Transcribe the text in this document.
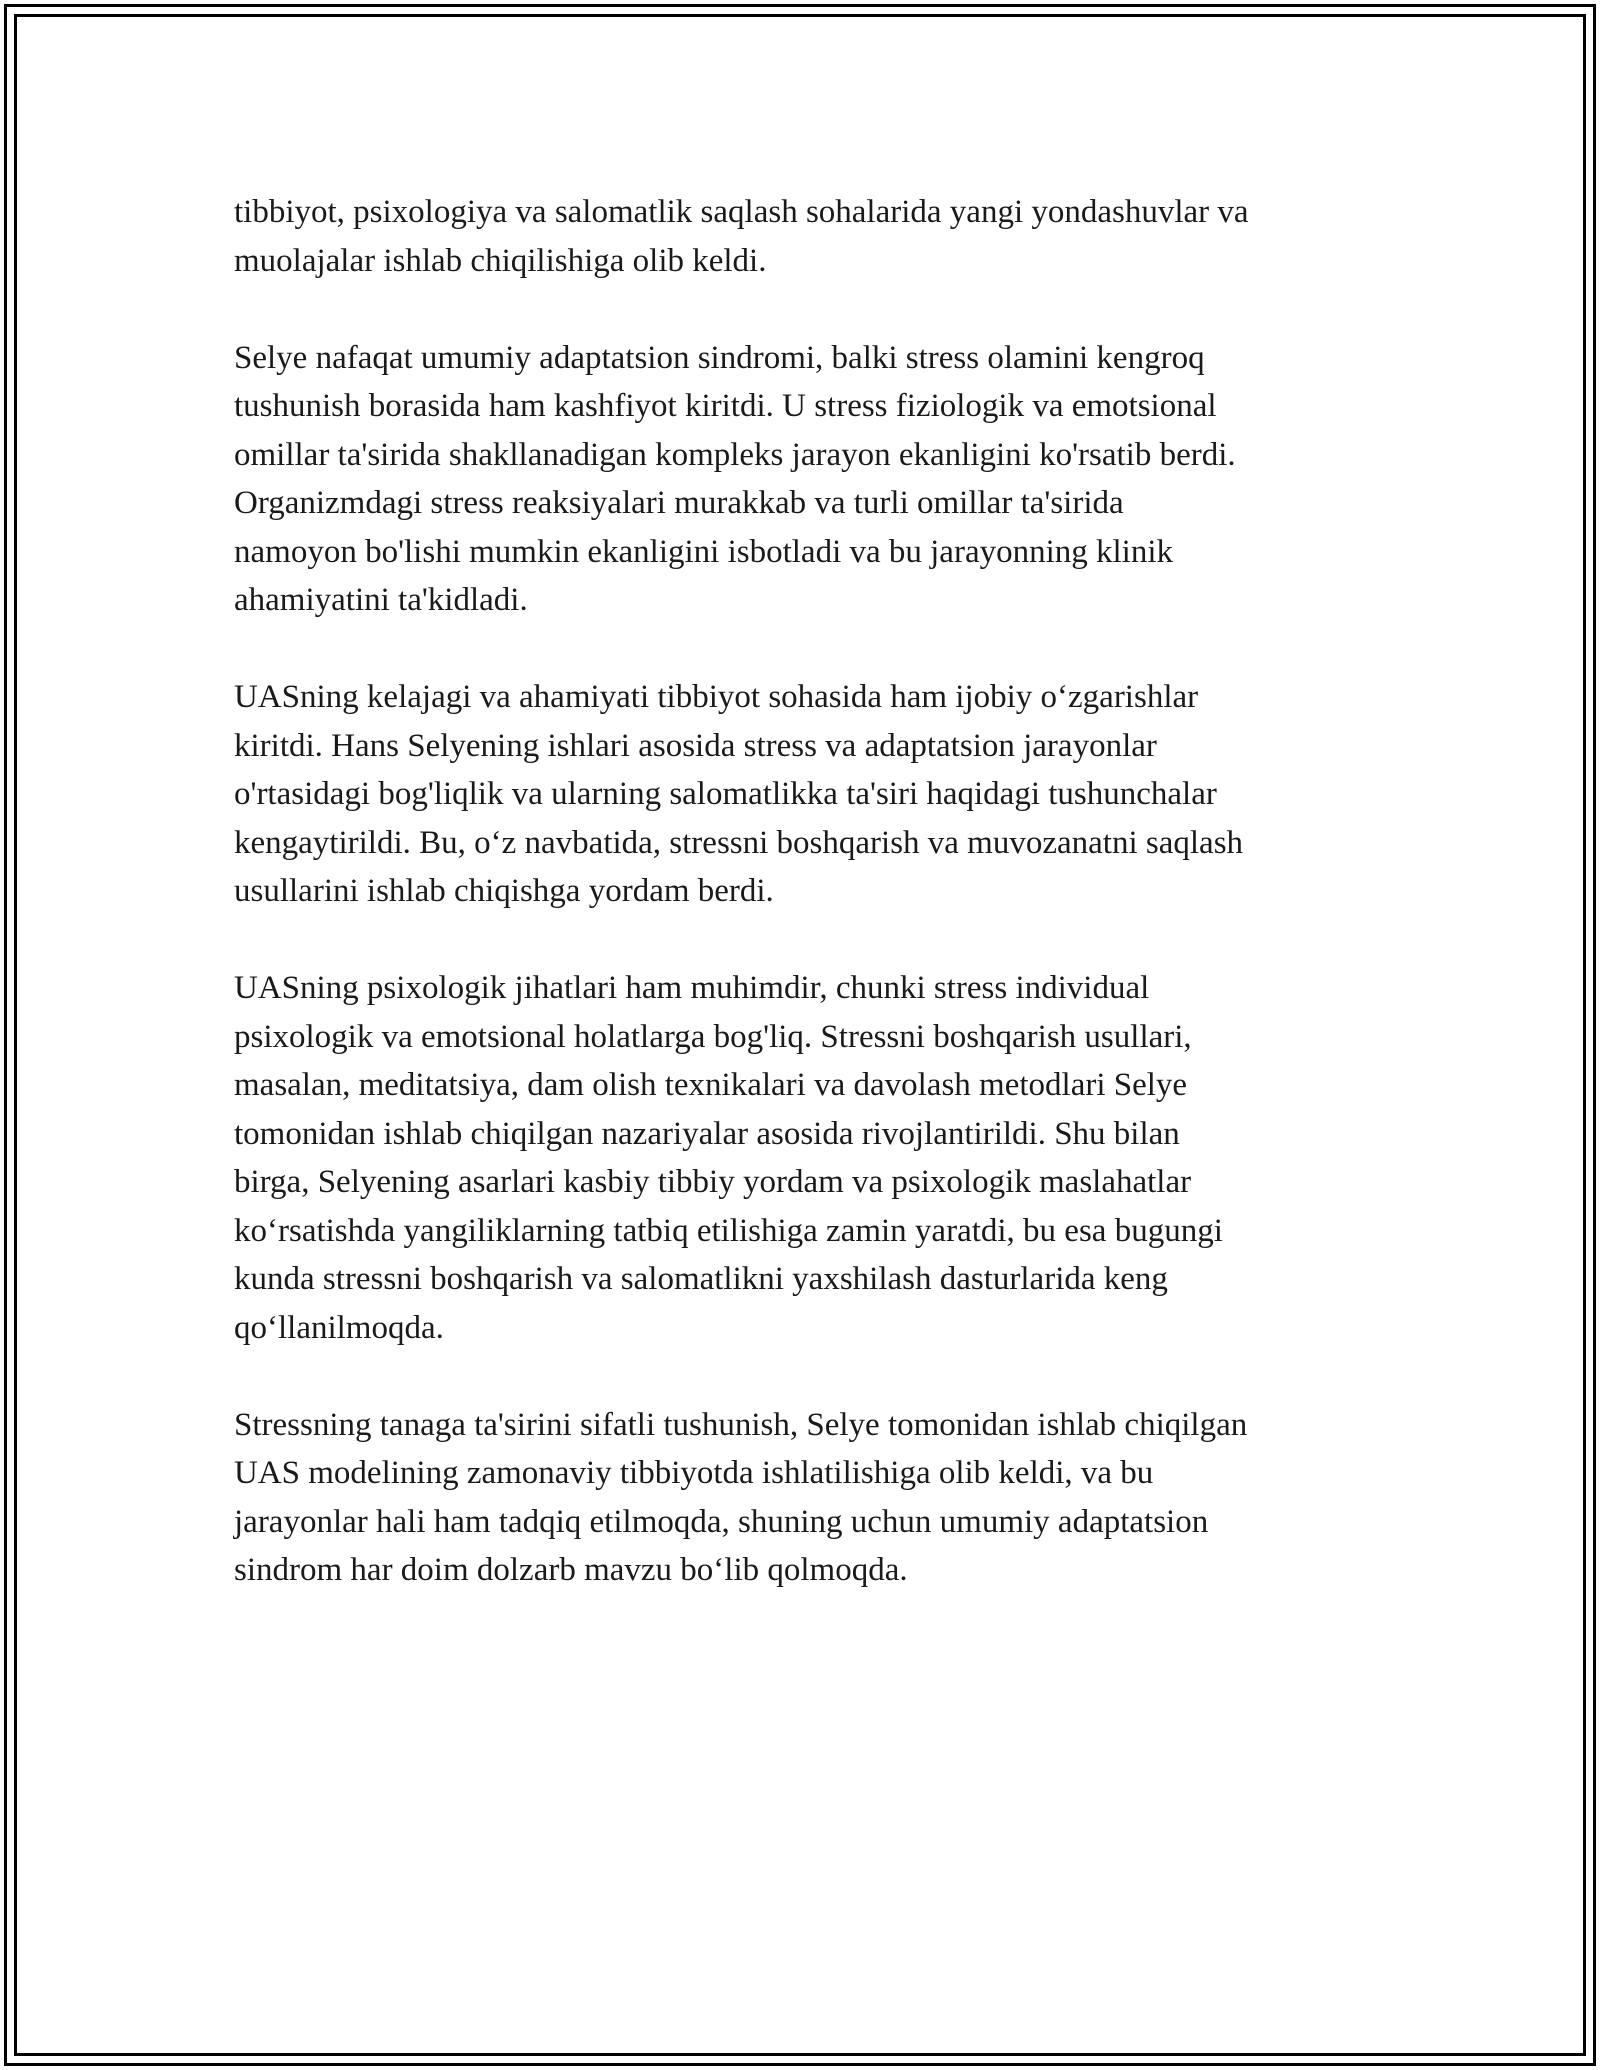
tibbiyot, psixologiya va salomatlik saqlash sohalarida yangi yondashuvlar va
muolajalar ishlab chiqilishiga olib keldi.

Selye nafaqat umumiy adaptatsion sindromi, balki stress olamini kengroq
tushunish borasida ham kashfiyot kiritdi. U stress fiziologik va emotsional
omillar ta'sirida shakllanadigan kompleks jarayon ekanligini ko'rsatib berdi.
Organizmdagi stress reaksiyalari murakkab va turli omillar ta'sirida
namoyon bo'lishi mumkin ekanligini isbotladi va bu jarayonning klinik
ahamiyatini ta'kidladi.

UASning kelajagi va ahamiyati tibbiyot sohasida ham ijobiy o‘zgarishlar
kiritdi. Hans Selyening ishlari asosida stress va adaptatsion jarayonlar
o'rtasidagi bog'liqlik va ularning salomatlikka ta'siri haqidagi tushunchalar
kengaytirildi. Bu, o‘z navbatida, stressni boshqarish va muvozanatni saqlash
usullarini ishlab chiqishga yordam berdi.

UASning psixologik jihatlari ham muhimdir, chunki stress individual
psixologik va emotsional holatlarga bog'liq. Stressni boshqarish usullari,
masalan, meditatsiya, dam olish texnikalari va davolash metodlari Selye
tomonidan ishlab chiqilgan nazariyalar asosida rivojlantirildi. Shu bilan
birga, Selyening asarlari kasbiy tibbiy yordam va psixologik maslahatlar
ko‘rsatishda yangiliklarning tatbiq etilishiga zamin yaratdi, bu esa bugungi
kunda stressni boshqarish va salomatlikni yaxshilash dasturlarida keng
qo‘llanilmoqda.

Stressning tanaga ta'sirini sifatli tushunish, Selye tomonidan ishlab chiqilgan
UAS modelining zamonaviy tibbiyotda ishlatilishiga olib keldi, va bu
jarayonlar hali ham tadqiq etilmoqda, shuning uchun umumiy adaptatsion
sindrom har doim dolzarb mavzu bo‘lib qolmoqda.
